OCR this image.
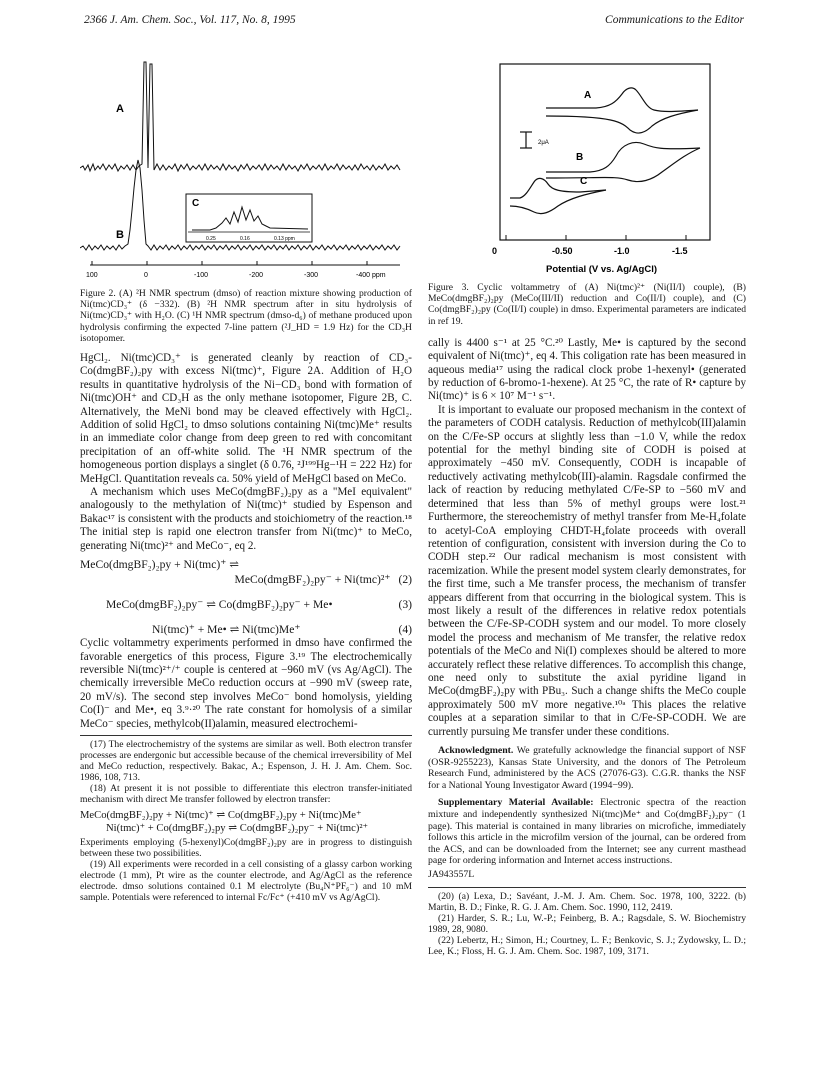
2366 J. Am. Chem. Soc., Vol. 117, No. 8, 1995	Communications to the Editor
A
B
C
0.25	0.16	0.13 ppm
100	0	-100	-200	-300	-400 ppm

Figure 2. (A) ²H NMR spectrum (dmso) of reaction mixture showing production of Ni(tmc)CD₃⁺ (δ −332). (B) ²H NMR spectrum after in situ hydrolysis of Ni(tmc)CD₃⁺ with H₂O. (C) ¹H NMR spectrum (dmso-d₆) of methane produced upon hydrolysis confirming the expected 7-line pattern (²J_HD = 1.9 Hz) for the CD₃H isotopomer.

HgCl₂. Ni(tmc)CD₃⁺ is generated cleanly by reaction of CD₃-Co(dmgBF₂)₂py with excess Ni(tmc)⁺, Figure 2A. Addition of H₂O results in quantitative hydrolysis of the Ni−CD₃ bond with formation of Ni(tmc)OH⁺ and CD₃H as the only methane isotopomer, Figure 2B, C. Alternatively, the MeNi bond may be cleaved effectively with HgCl₂. Addition of solid HgCl₂ to dmso solutions containing Ni(tmc)Me⁺ results in an immediate color change from deep green to red with concomitant precipitation of an off-white solid. The ¹H NMR spectrum of the homogeneous portion displays a singlet (δ 0.76, ²J¹⁹⁹Hg−¹H = 222 Hz) for MeHgCl. Quantitation reveals ca. 50% yield of MeHgCl based on MeCo.

A mechanism which uses MeCo(dmgBF₂)₂py as a "MeI equivalent" analogously to the methylation of Ni(tmc)⁺ studied by Espenson and Bakac¹⁷ is consistent with the products and stoichiometry of the reaction.¹⁸ The initial step is rapid one electron transfer from Ni(tmc)⁺ to MeCo, generating Ni(tmc)²⁺ and MeCo⁻, eq 2.

MeCo(dmgBF₂)₂py + Ni(tmc)⁺ ⇌

MeCo(dmgBF₂)₂py⁻ + Ni(tmc)²⁺ (2)
MeCo(dmgBF₂)₂py⁻ ⇌ Co(dmgBF₂)₂py⁻ + Me•	(3)
Ni(tmc)⁺ + Me• ⇌ Ni(tmc)Me⁺	(4)

Cyclic voltammetry experiments performed in dmso have confirmed the favorable energetics of this process, Figure 3.¹⁹ The electrochemically reversible Ni(tmc)²⁺/⁺ couple is centered at −960 mV (vs Ag/AgCl). The chemically irreversible MeCo reduction occurs at −990 mV (sweep rate, 20 mV/s). The second step involves MeCo⁻ bond homolysis, yielding Co(I)⁻ and Me•, eq 3.⁹·²⁰ The rate constant for homolysis of a similar MeCo⁻ species, methylcob(II)alamin, measured electrochemi-

(17) The electrochemistry of the systems are similar as well. Both electron transfer processes are endergonic but accessible because of the chemical irreversibility of MeI and MeCo reduction, respectively. Bakac, A.; Espenson, J. H. J. Am. Chem. Soc. 1986, 108, 713.

(18) At present it is not possible to differentiate this electron transfer-initiated mechanism with direct Me transfer followed by electron transfer:

MeCo(dmgBF₂)₂py + Ni(tmc)⁺ ⇌ Co(dmgBF₂)₂py + Ni(tmc)Me⁺

Ni(tmc)⁺ + Co(dmgBF₂)₂py ⇌ Co(dmgBF₂)₂py⁻ + Ni(tmc)²⁺

Experiments employing (5-hexenyl)Co(dmgBF₂)₂py are in progress to distinguish between these two possibilities.

(19) All experiments were recorded in a cell consisting of a glassy carbon working electrode (1 mm), Pt wire as the counter electrode, and Ag/AgCl as the reference electrode. dmso solutions contained 0.1 M electrolyte (Bu₄N⁺PF₆⁻) and 10 mM sample. Potentials were referenced to internal Fc/Fc⁺ (+410 mV vs Ag/AgCl).

A
2μA
B
C
0	-0.50	-1.0	-1.5
Potential (V vs. Ag/AgCl)

Figure 3. Cyclic voltammetry of (A) Ni(tmc)²⁺ (Ni(II/I) couple), (B) MeCo(dmgBF₂)₂py (MeCo(III/II) reduction and Co(II/I) couple), and (C) Co(dmgBF₂)₂py (Co(II/I) couple) in dmso. Experimental parameters are indicated in ref 19.

cally is 4400 s⁻¹ at 25 °C.²⁰ Lastly, Me• is captured by the second equivalent of Ni(tmc)⁺, eq 4. This coligation rate has been measured in aqueous media¹⁷ using the radical clock probe 1-hexenyl• (generated by reduction of 6-bromo-1-hexene). At 25 °C, the rate of R• capture by Ni(tmc)⁺ is 6 × 10⁷ M⁻¹ s⁻¹.

It is important to evaluate our proposed mechanism in the context of the parameters of CODH catalysis. Reduction of methylcob(III)alamin on the C/Fe-SP occurs at slightly less than −1.0 V, while the redox potential for the methyl binding site of CODH is poised at approximately −450 mV. Consequently, CODH is incapable of reductively activating methylcob(III)-alamin. Ragsdale confirmed the lack of reaction by reducing methylated C/Fe-SP to −560 mV and determined that less than 5% of methyl groups were lost.²¹ Furthermore, the stereochemistry of methyl transfer from Me-H₄folate to acetyl-CoA employing CHDT-H₄folate proceeds with overall retention of configuration, consistent with inversion during the Co to CODH step.²² Our radical mechanism is most consistent with racemization. While the present model system clearly demonstrates, for the first time, such a Me transfer process, the mechanism of transfer appears different from that occurring in the biological system. This is most likely a result of the differences in relative redox potentials between the C/Fe-SP-CODH system and our model. To more closely model the process and mechanism of Me transfer, the relative redox potentials of the MeCo and Ni(I) complexes should be altered to more accurately reflect these relative differences. To accomplish this change, one need only to substitute the axial pyridine ligand in MeCo(dmgBF₂)₂py with PBu₃. Such a change shifts the MeCo couple approximately 500 mV more negative.¹⁰ᵃ This places the relative couples at a separation similar to that in C/Fe-SP-CODH. We are currently pursuing Me transfer under these conditions.

Acknowledgment. We gratefully acknowledge the financial support of NSF (OSR-9255223), Kansas State University, and the donors of The Petroleum Research Fund, administered by the ACS (27076-G3). C.G.R. thanks the NSF for a National Young Investigator Award (1994−99).

Supplementary Material Available: Electronic spectra of the reaction mixture and independently synthesized Ni(tmc)Me⁺ and Co(dmgBF₂)₂py⁻ (1 page). This material is contained in many libraries on microfiche, immediately follows this article in the microfilm version of the journal, can be ordered from the ACS, and can be downloaded from the Internet; see any current masthead page for ordering information and Internet access instructions.

JA943557L

(20) (a) Lexa, D.; Savéant, J.-M. J. Am. Chem. Soc. 1978, 100, 3222. (b) Martin, B. D.; Finke, R. G. J. Am. Chem. Soc. 1990, 112, 2419.

(21) Harder, S. R.; Lu, W.-P.; Feinberg, B. A.; Ragsdale, S. W. Biochemistry 1989, 28, 9080.

(22) Lebertz, H.; Simon, H.; Courtney, L. F.; Benkovic, S. J.; Zydowsky, L. D.; Lee, K.; Floss, H. G. J. Am. Chem. Soc. 1987, 109, 3171.
